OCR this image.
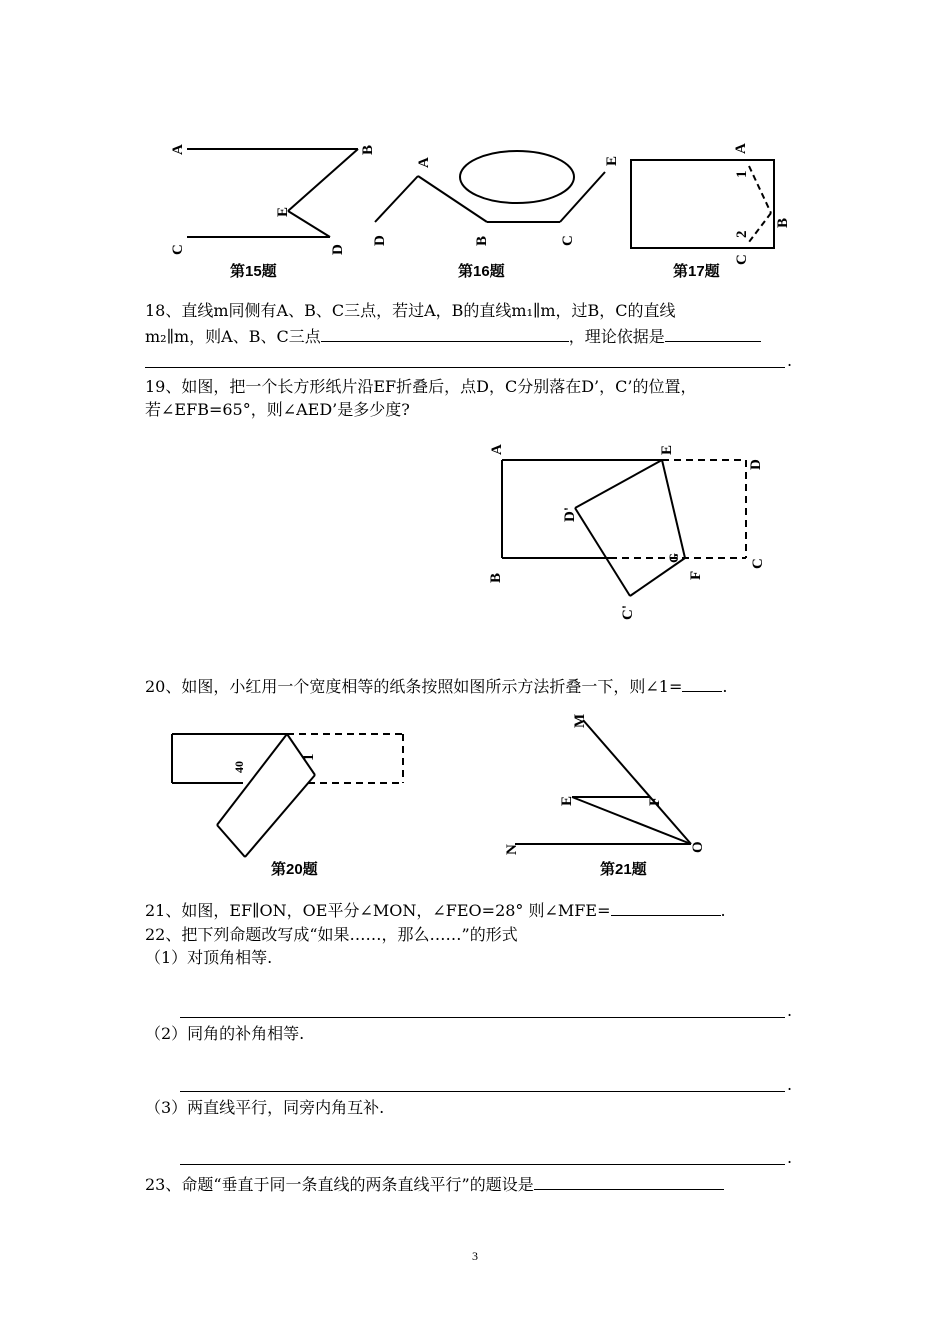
A	B
E
C	D
第15题
A	E
D	B	C
第16题
A
1
B
2
C
第17题
18、直线m同侧有A、B、C三点，若过A，B的直线m₁∥m，过B，C的直线
m₂∥m，则A、B、C三点	，理论依据是
.
19、如图，把一个长方形纸片沿EF折叠后，点D，C分别落在D’，C’的位置，
若∠EFB=65°，则∠AED’是多少度?
A	E
D
D'
G
B	F
C
C'
20、如图，小红用一个宽度相等的纸条按照如图所示方法折叠一下，则∠1=	.
40
1
第20题
M
E	F
N	O
第21题
21、如图，EF∥ON，OE平分∠MON，∠FEO=28° 则∠MFE=	.
22、把下列命题改写成“如果……，那么……”的形式
（1）对顶角相等.
.
（2）同角的补角相等.
.
（3）两直线平行，同旁内角互补.
.
23、命题“垂直于同一条直线的两条直线平行”的题设是
3
